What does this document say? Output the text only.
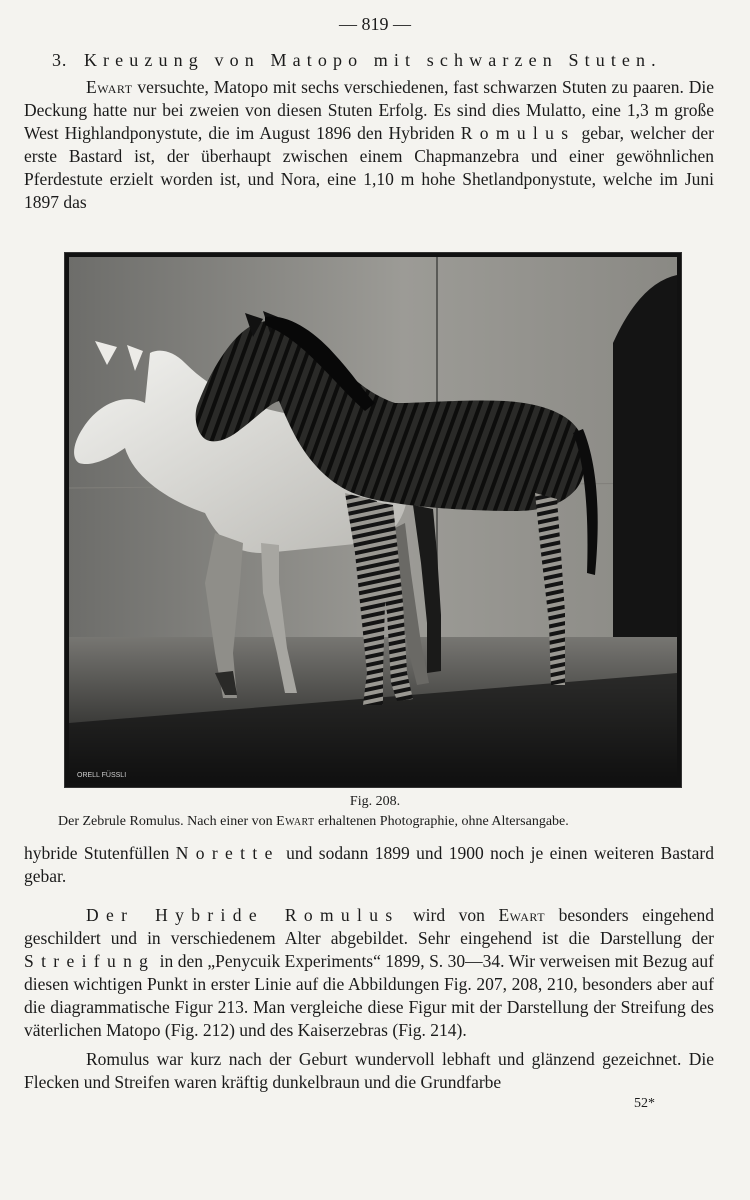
— 819 —
3. Kreuzung von Matopo mit schwarzen Stuten.

Ewart versuchte, Matopo mit sechs verschiedenen, fast schwarzen Stuten zu paaren. Die Deckung hatte nur bei zweien von diesen Stuten Erfolg. Es sind dies Mulatto, eine 1,3 m große West Highlandponystute, die im August 1896 den Hybriden Romulus gebar, welcher der erste Bastard ist, der überhaupt zwischen einem Chapmanzebra und einer gewöhnlichen Pferdestute erzielt worden ist, und Nora, eine 1,10 m hohe Shetlandponystute, welche im Juni 1897 das

ORELL FÜSSLI
Fig. 208.
Der Zebrule Romulus. Nach einer von Ewart erhaltenen Photographie, ohne Altersangabe.

hybride Stutenfüllen Norette und sodann 1899 und 1900 noch je einen weiteren Bastard gebar.

Der Hybride Romulus wird von Ewart besonders eingehend geschildert und in verschiedenem Alter abgebildet. Sehr eingehend ist die Darstellung der Streifung in den „Penycuik Experiments“ 1899, S. 30—34. Wir verweisen mit Bezug auf diesen wichtigen Punkt in erster Linie auf die Abbildungen Fig. 207, 208, 210, besonders aber auf die diagrammatische Figur 213. Man vergleiche diese Figur mit der Darstellung der Streifung des väterlichen Matopo (Fig. 212) und des Kaiserzebras (Fig. 214).

Romulus war kurz nach der Geburt wundervoll lebhaft und glänzend gezeichnet. Die Flecken und Streifen waren kräftig dunkelbraun und die Grundfarbe

52*
